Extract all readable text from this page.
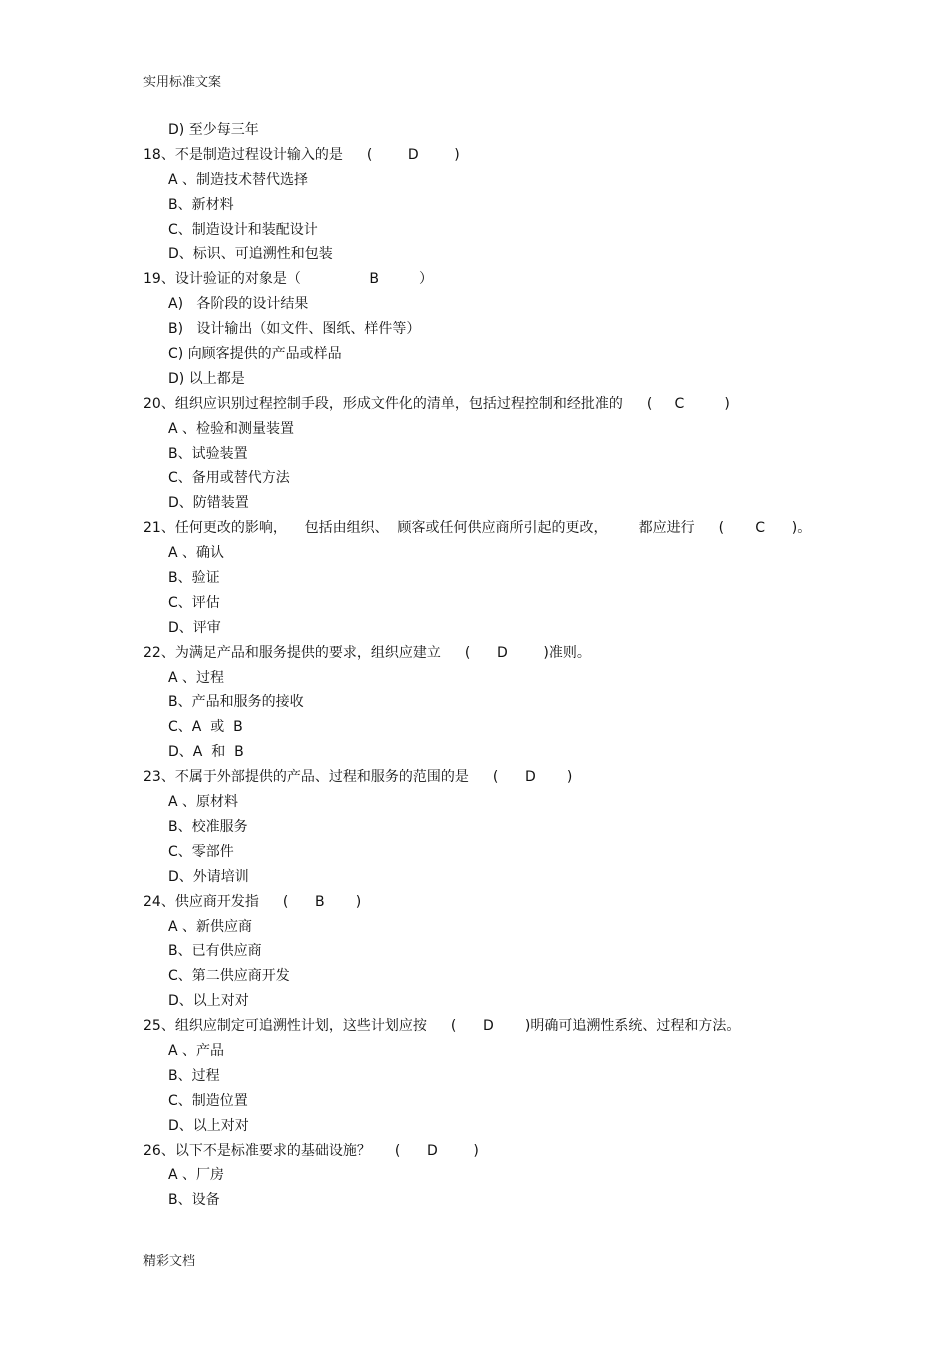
实用标准文案
D) 至少每三年
18、不是制造过程设计输入的是 (        D        )
A 、制造技术替代选择
B、新材料
C、制造设计和装配设计
D、标识、可追溯性和包装
19、设计验证的对象是（          B         ）
A)   各阶段的设计结果
B)   设计输出（如文件、图纸、样件等）
C) 向顾客提供的产品或样品
D) 以上都是
20、组织应识别过程控制手段，形成文件化的清单，包括过程控制和经批准的 (     C         )
A 、检验和测量装置
B、试验装置
C、备用或替代方法
D、防错装置
21、任何更改的影响，    包括由组织、  顾客或任何供应商所引起的更改，       都应进行 (       C      )。
A 、确认
B、验证
C、评估
D、评审
22、为满足产品和服务提供的要求，组织应建立 (      D        )准则。
A 、过程
B、产品和服务的接收
C、A  或  B
D、A  和  B
23、不属于外部提供的产品、过程和服务的范围的是 (      D       )
A 、原材料
B、校准服务
C、零部件
D、外请培训
24、供应商开发指 (      B       )
A 、新供应商
B、已有供应商
C、第二供应商开发
D、以上对对
25、组织应制定可追溯性计划，这些计划应按 (      D       )明确可追溯性系统、过程和方法。
A 、产品
B、过程
C、制造位置
D、以上对对
26、以下不是标准要求的基础设施？ (      D        )
A 、厂房
B、设备
精彩文档
